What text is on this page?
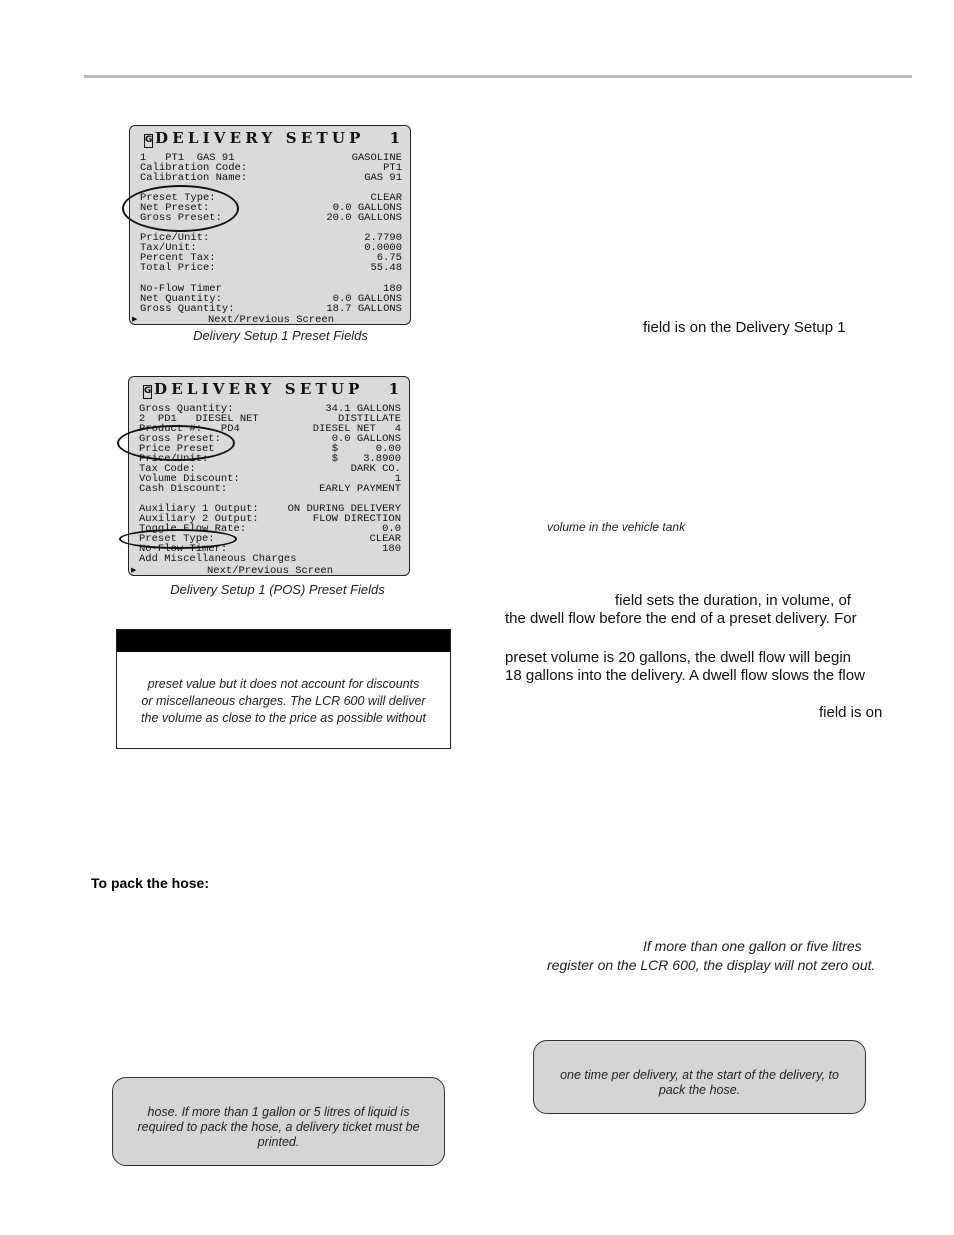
G DELIVERY SETUP 1
1   PT1  GAS 91	GASOLINE
Calibration Code:	PT1
Calibration Name:	GAS 91
Preset Type:	CLEAR
Net Preset:	0.0 GALLONS
Gross Preset:	20.0 GALLONS
Price/Unit:	2.7790
Tax/Unit:	0.0000
Percent Tax:	6.75
Total Price:	55.48
No-Flow Timer	180
Net Quantity:	0.0 GALLONS
Gross Quantity:	18.7 GALLONS
Next/Previous Screen
▶
Delivery Setup 1 Preset Fields
G DELIVERY SETUP 1
Gross Quantity:	34.1 GALLONS
2  PD1   DIESEL NET	DISTILLATE
Product #:   PD4	DIESEL NET   4
Gross Preset:	0.0 GALLONS
Price Preset	$      0.00
Price/Unit:	$    3.8900
Tax Code:	DARK CO.
Volume Discount:	1
Cash Discount:	EARLY PAYMENT
Auxiliary 1 Output:	ON DURING DELIVERY
Auxiliary 2 Output:	FLOW DIRECTION
Toggle Flow Rate:	0.0
Preset Type:	CLEAR
No-Flow Timer:	180
Add Miscellaneous Charges
Next/Previous Screen
▶
Delivery Setup 1 (POS) Preset Fields
preset value but it does not account for discounts
or miscellaneous charges. The LCR 600 will deliver
the volume as close to the price as possible without
To pack the hose:
field is on the Delivery Setup 1
volume in the vehicle tank
field sets the duration, in volume, of
the dwell flow before the end of a preset delivery. For
preset volume is 20 gallons, the dwell flow will begin
18 gallons into the delivery. A dwell flow slows the flow
field is on
If more than one gallon or five litres
register on the LCR 600, the display will not zero out.
one time per delivery, at the start of the delivery, to
pack the hose.
hose. If more than 1 gallon or 5 litres of liquid is
required to pack the hose, a delivery ticket must be
printed.
